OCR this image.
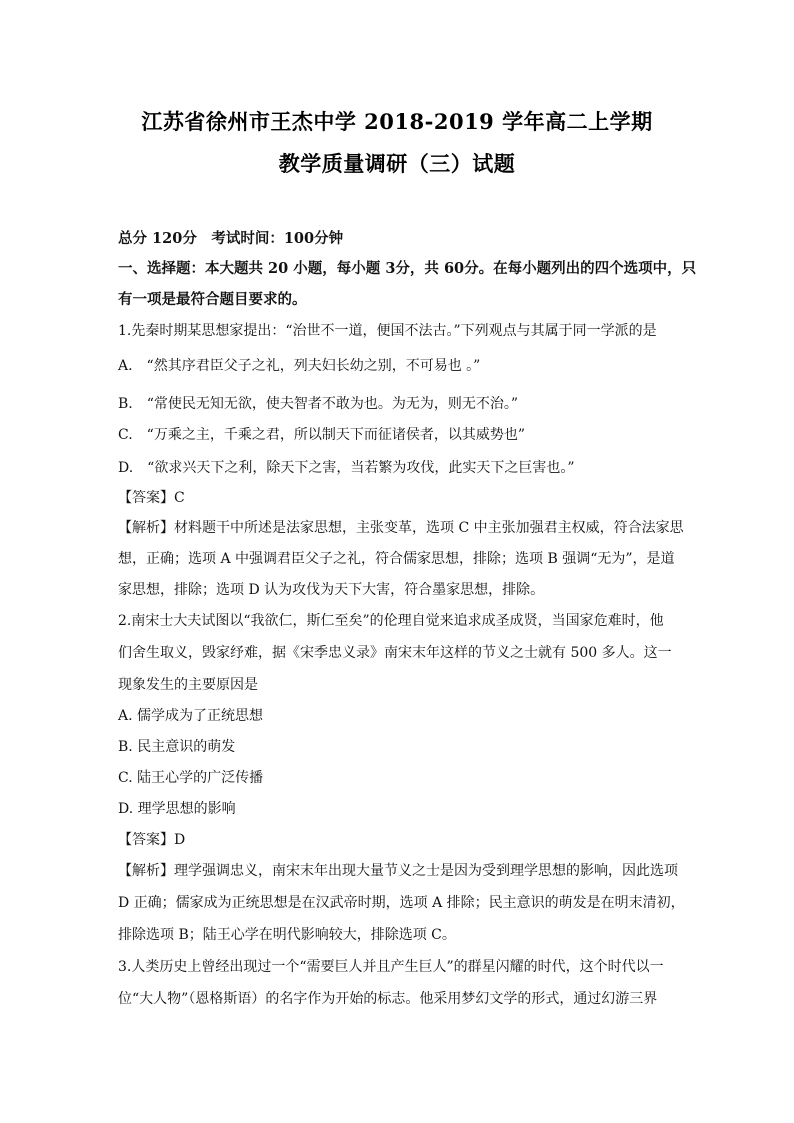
江苏省徐州市王杰中学 2018-2019 学年高二上学期
教学质量调研（三）试题
总分 120分　考试时间：100分钟
一、选择题：本大题共 20 小题，每小题 3分，共 60分。在每小题列出的四个选项中，只
有一项是最符合题目要求的。
1.先秦时期某思想家提出：“治世不一道，便国不法古。”下列观点与其属于同一学派的是
A.　“然其序君臣父子之礼，列夫妇长幼之别，不可易也 。”
B.　“常使民无知无欲，使夫智者不敢为也。为无为，则无不治。”
C.　“万乘之主，千乘之君，所以制天下而征诸侯者，以其威势也”
D.　“欲求兴天下之利，除天下之害，当若繁为攻伐，此实天下之巨害也。”
【答案】C
【解析】材料题干中所述是法家思想，主张变革，选项 C 中主张加强君主权威，符合法家思
想，正确；选项 A 中强调君臣父子之礼，符合儒家思想，排除；选项 B 强调“无为”，是道
家思想，排除；选项 D 认为攻伐为天下大害，符合墨家思想，排除。
2.南宋士大夫试图以“我欲仁，斯仁至矣”的伦理自觉来追求成圣成贤，当国家危难时，他
们舍生取义，毁家纾难，据《宋季忠义录》南宋末年这样的节义之士就有 500 多人。这一
现象发生的主要原因是
A. 儒学成为了正统思想
B. 民主意识的萌发
C. 陆王心学的广泛传播
D. 理学思想的影响
【答案】D
【解析】理学强调忠义，南宋末年出现大量节义之士是因为受到理学思想的影响，因此选项
D 正确；儒家成为正统思想是在汉武帝时期，选项 A 排除；民主意识的萌发是在明末清初，
排除选项 B；陆王心学在明代影响较大，排除选项 C。
3.人类历史上曾经出现过一个“需要巨人并且产生巨人”的群星闪耀的时代，这个时代以一
位“大人物”（恩格斯语）的名字作为开始的标志。他采用梦幻文学的形式，通过幻游三界
